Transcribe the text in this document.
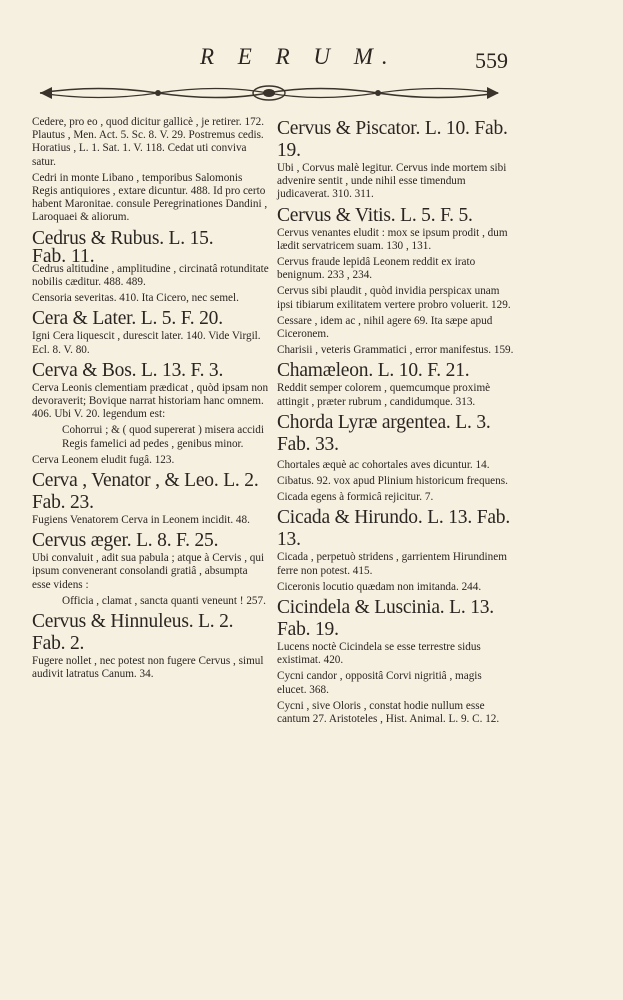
R E R U M.	559

Cedere, pro eo , quod dicitur gallicè , je retirer. 172. Plautus , Men. Act. 5. Sc. 8. V. 29. Postremus cedis. Horatius , L. 1. Sat. 1. V. 118. Cedat uti conviva satur.

Cedri in monte Libano , temporibus Salomonis Regis antiquiores , extare dicuntur. 488. Id pro certo habent Maronitae. consule Peregrinationes Dandini , Laroquaei & aliorum.

Cedrus & Rubus. L. 15.

Fab. 11.

Cedrus altitudine , amplitudine , circinatâ rotunditate nobilis cæditur. 488. 489.

Censoria severitas. 410. Ita Cicero, nec semel.

Cera & Later. L. 5. F. 20.

Igni Cera liquescit , durescit later. 140. Vide Virgil. Ecl. 8. V. 80.

Cerva & Bos. L. 13. F. 3.

Cerva Leonis clementiam prædicat , quòd ipsam non devoraverit; Bovique narrat historiam hanc omnem. 406. Ubi V. 20. legendum est:

Cohorrui ; & ( quod supererat ) misera accidi Regis famelici ad pedes , genibus minor.

Cerva Leonem eludit fugâ. 123.

Cerva , Venator , & Leo. L. 2. Fab. 23.

Fugiens Venatorem Cerva in Leonem incidit. 48.

Cervus æger. L. 8. F. 25.

Ubi convaluit , adit sua pabula ; atque à Cervis , qui ipsum convenerant consolandi gratiâ , absumpta esse videns :

Officia , clamat , sancta quanti veneunt ! 257.

Cervus & Hinnuleus. L. 2. Fab. 2.

Fugere nollet , nec potest non fugere Cervus , simul audivit latratus Canum. 34.

Cervus & Piscator. L. 10. Fab. 19.

Ubi , Corvus malè legitur. Cervus inde mortem sibi advenire sentit , unde nihil esse timendum judicaverat. 310. 311.

Cervus & Vitis. L. 5. F. 5.

Cervus venantes eludit : mox se ipsum prodit , dum lædit servatricem suam. 130 , 131.

Cervus fraude lepidâ Leonem reddit ex irato benignum. 233 , 234.

Cervus sibi plaudit , quòd invidia perspicax unam ipsi tibiarum exilitatem vertere probro voluerit. 129.

Cessare , idem ac , nihil agere 69. Ita sæpe apud Ciceronem.

Charisii , veteris Grammatici , error manifestus. 159.

Chamæleon. L. 10. F. 21.

Reddit semper colorem , quemcumque proximè attingit , præter rubrum , candidumque. 313.

Chorda Lyræ argentea. L. 3. Fab. 33.

Chortales æquè ac cohortales aves dicuntur. 14.

Cibatus. 92. vox apud Plinium historicum frequens.

Cicada egens à formicâ rejicitur. 7.

Cicada & Hirundo. L. 13. Fab. 13.

Cicada , perpetuò stridens , garrientem Hirundinem ferre non potest. 415.

Ciceronis locutio quædam non imitanda. 244.

Cicindela & Luscinia. L. 13. Fab. 19.

Lucens noctè Cicindela se esse terrestre sidus existimat. 420.

Cycni candor , oppositâ Corvi nigritiâ , magis elucet. 368.

Cycni , sive Oloris , constat hodie nullum esse cantum 27. Aristoteles , Hist. Animal. L. 9. C. 12.
